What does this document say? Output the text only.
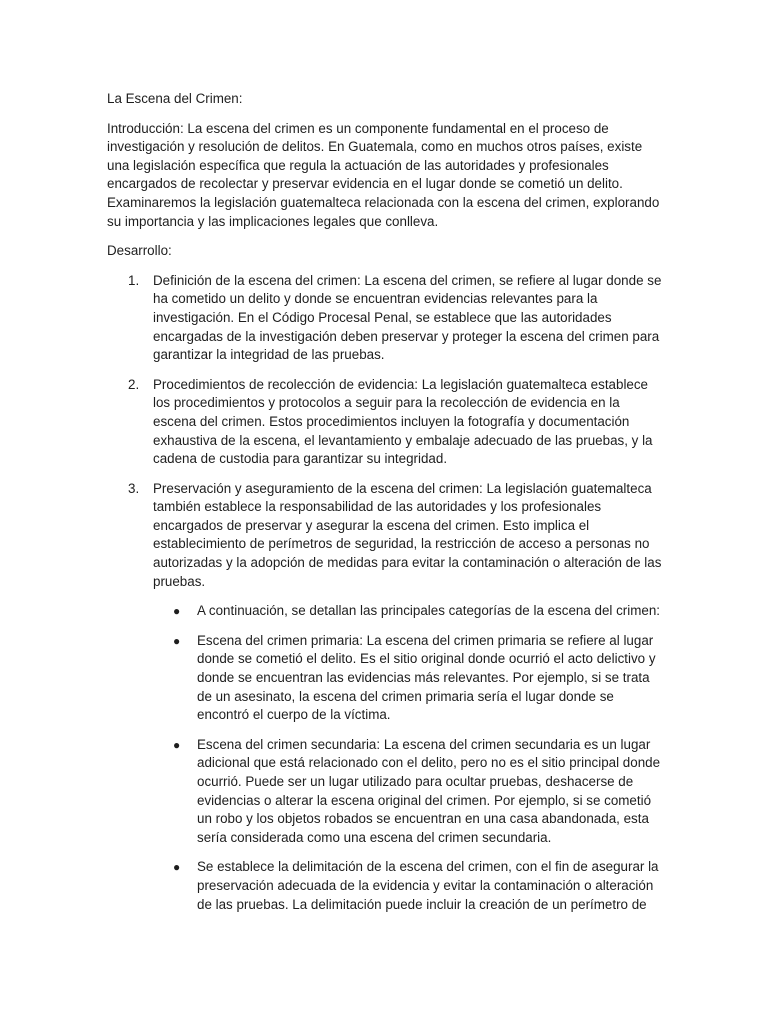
La Escena del Crimen:

Introducción: La escena del crimen es un componente fundamental en el proceso de investigación y resolución de delitos. En Guatemala, como en muchos otros países, existe una legislación específica que regula la actuación de las autoridades y profesionales encargados de recolectar y preservar evidencia en el lugar donde se cometió un delito. Examinaremos la legislación guatemalteca relacionada con la escena del crimen, explorando su importancia y las implicaciones legales que conlleva.

Desarrollo:

1. Definición de la escena del crimen: La escena del crimen, se refiere al lugar donde se ha cometido un delito y donde se encuentran evidencias relevantes para la investigación. En el Código Procesal Penal, se establece que las autoridades encargadas de la investigación deben preservar y proteger la escena del crimen para garantizar la integridad de las pruebas.
2. Procedimientos de recolección de evidencia: La legislación guatemalteca establece los procedimientos y protocolos a seguir para la recolección de evidencia en la escena del crimen. Estos procedimientos incluyen la fotografía y documentación exhaustiva de la escena, el levantamiento y embalaje adecuado de las pruebas, y la cadena de custodia para garantizar su integridad.
3. Preservación y aseguramiento de la escena del crimen: La legislación guatemalteca también establece la responsabilidad de las autoridades y los profesionales encargados de preservar y asegurar la escena del crimen. Esto implica el establecimiento de perímetros de seguridad, la restricción de acceso a personas no autorizadas y la adopción de medidas para evitar la contaminación o alteración de las pruebas.
● A continuación, se detallan las principales categorías de la escena del crimen:
● Escena del crimen primaria: La escena del crimen primaria se refiere al lugar donde se cometió el delito. Es el sitio original donde ocurrió el acto delictivo y donde se encuentran las evidencias más relevantes. Por ejemplo, si se trata de un asesinato, la escena del crimen primaria sería el lugar donde se encontró el cuerpo de la víctima.
● Escena del crimen secundaria: La escena del crimen secundaria es un lugar adicional que está relacionado con el delito, pero no es el sitio principal donde ocurrió. Puede ser un lugar utilizado para ocultar pruebas, deshacerse de evidencias o alterar la escena original del crimen. Por ejemplo, si se cometió un robo y los objetos robados se encuentran en una casa abandonada, esta sería considerada como una escena del crimen secundaria.
● Se establece la delimitación de la escena del crimen, con el fin de asegurar la preservación adecuada de la evidencia y evitar la contaminación o alteración de las pruebas. La delimitación puede incluir la creación de un perímetro de
